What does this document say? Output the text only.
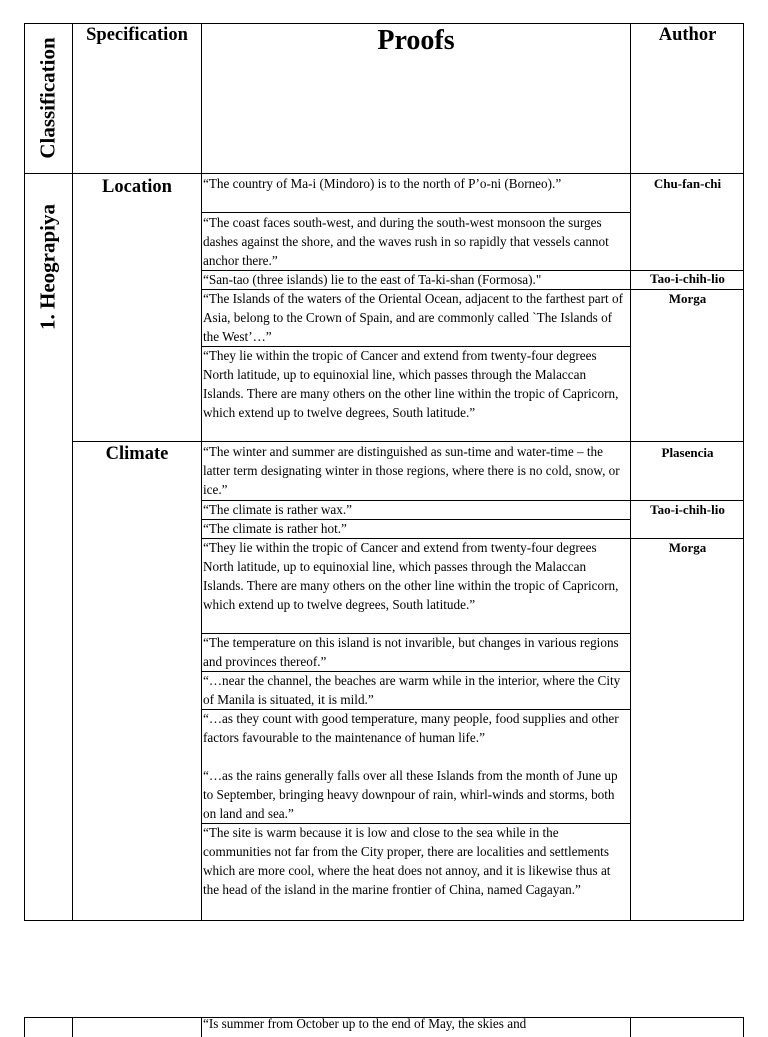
Classification
Specification	Proofs	Author
1. Heograpiya
Location
Climate
“The country of Ma-i (Mindoro) is to the north of P’o-ni (Borneo).”
“The coast faces south-west, and during the south-west monsoon the surges dashes against the shore, and the waves rush in so rapidly that vessels cannot anchor there.”
“San-tao (three islands) lie to the east of Ta-ki-shan (Formosa)."
“The Islands of the waters of the Oriental Ocean, adjacent to the farthest part of Asia, belong to the Crown of Spain, and are commonly called `The Islands of the West’…”
“They lie within the tropic of Cancer and extend from twenty-four degrees North latitude, up to equinoxial line, which passes through the Malaccan Islands. There are many others on the other line within the tropic of Capricorn, which extend up to twelve degrees, South latitude.”
“The winter and summer are distinguished as sun-time and water-time – the latter term designating winter in those regions, where there is no cold, snow, or ice.”
“The climate is rather wax.”
“The climate is rather hot.”
“They lie within the tropic of Cancer and extend from twenty-four degrees North latitude, up to equinoxial line, which passes through the Malaccan Islands. There are many others on the other line within the tropic of Capricorn, which extend up to twelve degrees, South latitude.”
“The temperature on this island is not invarible, but changes in various regions and provinces thereof.”
“…near the channel, the beaches are warm while in the interior, where the City of Manila is situated, it is mild.”
“…as they count with good temperature, many people, food supplies and other factors favourable to the maintenance of human life.”
“…as the rains generally falls over all these Islands from the month of June up to September, bringing heavy downpour of rain, whirl-winds and storms, both on land and sea.”
“The site is warm because it is low and close to the sea while in the communities not far from the City proper, there are localities and settlements which are more cool, where the heat does not annoy, and it is likewise thus at the head of the island in the marine frontier of China, named Cagayan.”
Chu-fan-chi
Tao-i-chih-lio
Morga
Plasencia
Tao-i-chih-lio
Morga
“Is summer from October up to the end of May, the skies and
